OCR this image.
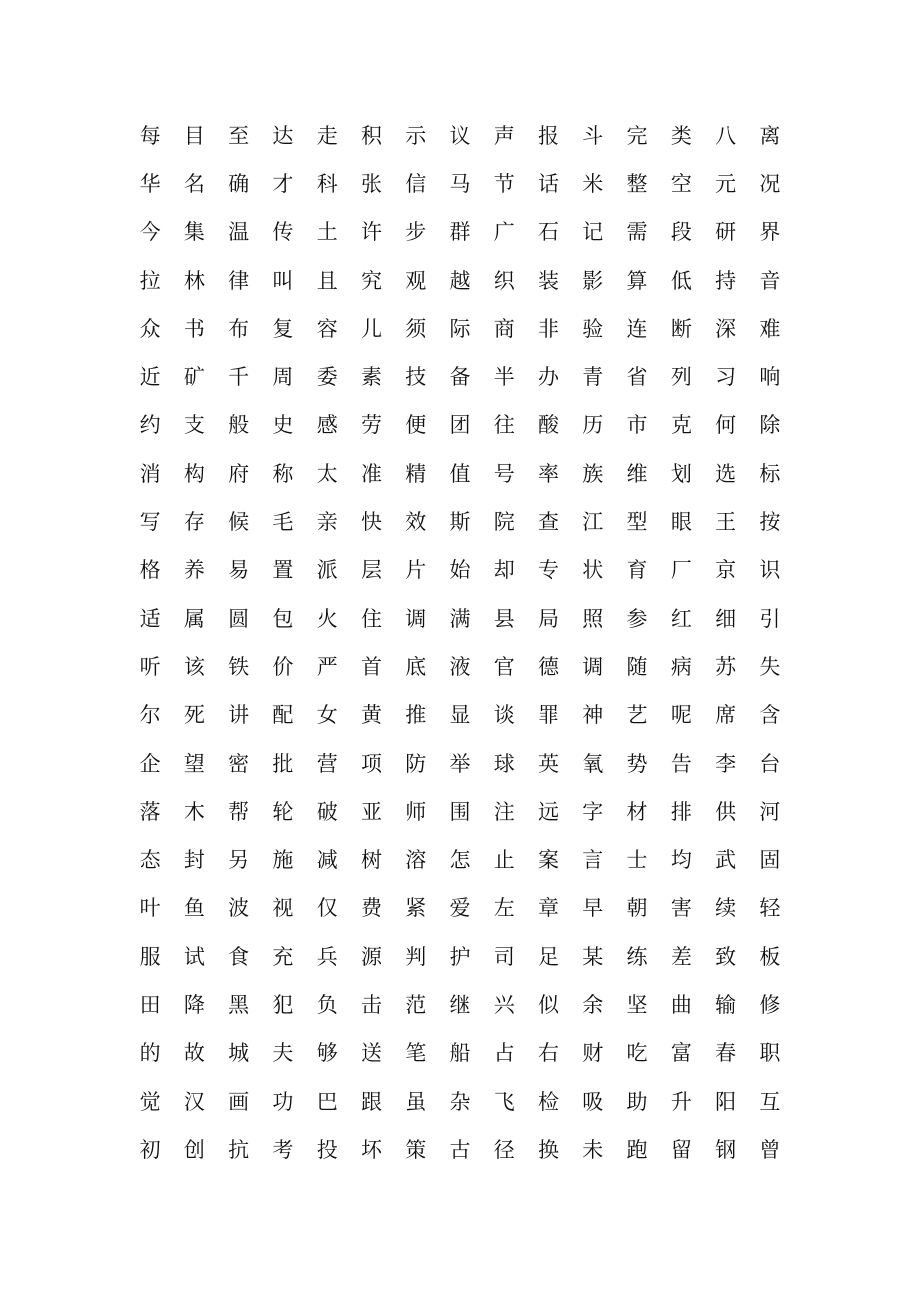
每	目	至	达	走	积	示	议	声	报	斗	完	类	八	离
华	名	确	才	科	张	信	马	节	话	米	整	空	元	况
今	集	温	传	土	许	步	群	广	石	记	需	段	研	界
拉	林	律	叫	且	究	观	越	织	装	影	算	低	持	音
众	书	布	复	容	儿	须	际	商	非	验	连	断	深	难
近	矿	千	周	委	素	技	备	半	办	青	省	列	习	响
约	支	般	史	感	劳	便	团	往	酸	历	市	克	何	除
消	构	府	称	太	准	精	值	号	率	族	维	划	选	标
写	存	候	毛	亲	快	效	斯	院	查	江	型	眼	王	按
格	养	易	置	派	层	片	始	却	专	状	育	厂	京	识
适	属	圆	包	火	住	调	满	县	局	照	参	红	细	引
听	该	铁	价	严	首	底	液	官	德	调	随	病	苏	失
尔	死	讲	配	女	黄	推	显	谈	罪	神	艺	呢	席	含
企	望	密	批	营	项	防	举	球	英	氧	势	告	李	台
落	木	帮	轮	破	亚	师	围	注	远	字	材	排	供	河
态	封	另	施	减	树	溶	怎	止	案	言	士	均	武	固
叶	鱼	波	视	仅	费	紧	爱	左	章	早	朝	害	续	轻
服	试	食	充	兵	源	判	护	司	足	某	练	差	致	板
田	降	黑	犯	负	击	范	继	兴	似	余	坚	曲	输	修
的	故	城	夫	够	送	笔	船	占	右	财	吃	富	春	职
觉	汉	画	功	巴	跟	虽	杂	飞	检	吸	助	升	阳	互
初	创	抗	考	投	坏	策	古	径	换	未	跑	留	钢	曾
